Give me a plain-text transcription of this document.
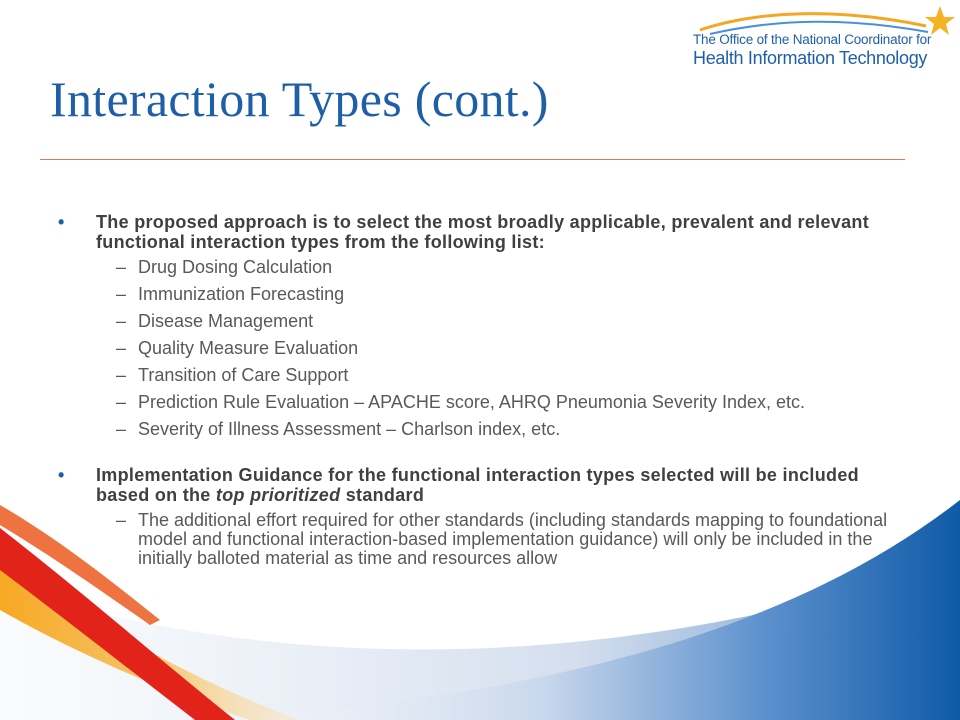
The Office of the National Coordinator for
Health Information Technology
Interaction Types (cont.)
• The proposed approach is to select the most broadly applicable, prevalent and relevant functional interaction types from the following list:
– Drug Dosing Calculation
– Immunization Forecasting
– Disease Management
– Quality Measure Evaluation
– Transition of Care Support
– Prediction Rule Evaluation – APACHE score, AHRQ Pneumonia Severity Index, etc.
– Severity of Illness Assessment – Charlson index, etc.
• Implementation Guidance for the functional interaction types selected will be included based on the top prioritized standard
– The additional effort required for other standards (including standards mapping to foundational model and functional interaction-based implementation guidance) will only be included in the initially balloted material as time and resources allow
